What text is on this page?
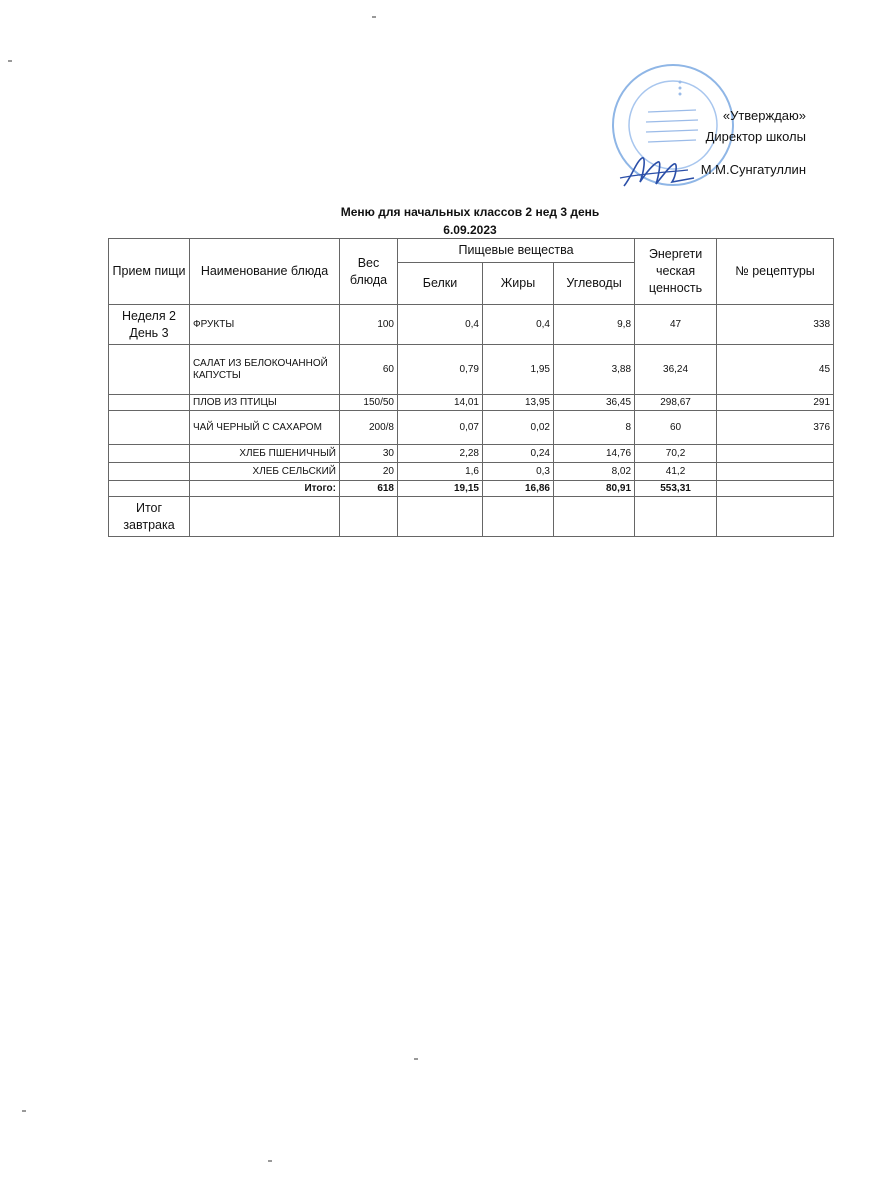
«Утверждаю»
Директор школы
М.М.Сунгатуллин
Меню для начальных классов 2 нед 3 день
6.09.2023
Прием пищи	Наименование блюда	Вес блюда	Пищевые вещества			Энергети ческая ценность	№ рецептуры
			Белки	Жиры	Углеводы		
Неделя 2 День 3	ФРУКТЫ	100	0,4	0,4	9,8	47	338
	САЛАТ ИЗ БЕЛОКОЧАННОЙ КАПУСТЫ	60	0,79	1,95	3,88	36,24	45
	ПЛОВ ИЗ ПТИЦЫ	150/50	14,01	13,95	36,45	298,67	291
	ЧАЙ ЧЕРНЫЙ С САХАРОМ	200/8	0,07	0,02	8	60	376
	ХЛЕБ ПШЕНИЧНЫЙ	30	2,28	0,24	14,76	70,2	
	ХЛЕБ СЕЛЬСКИЙ	20	1,6	0,3	8,02	41,2	
	Итого:	618	19,15	16,86	80,91	553,31	
Итог завтрака							
